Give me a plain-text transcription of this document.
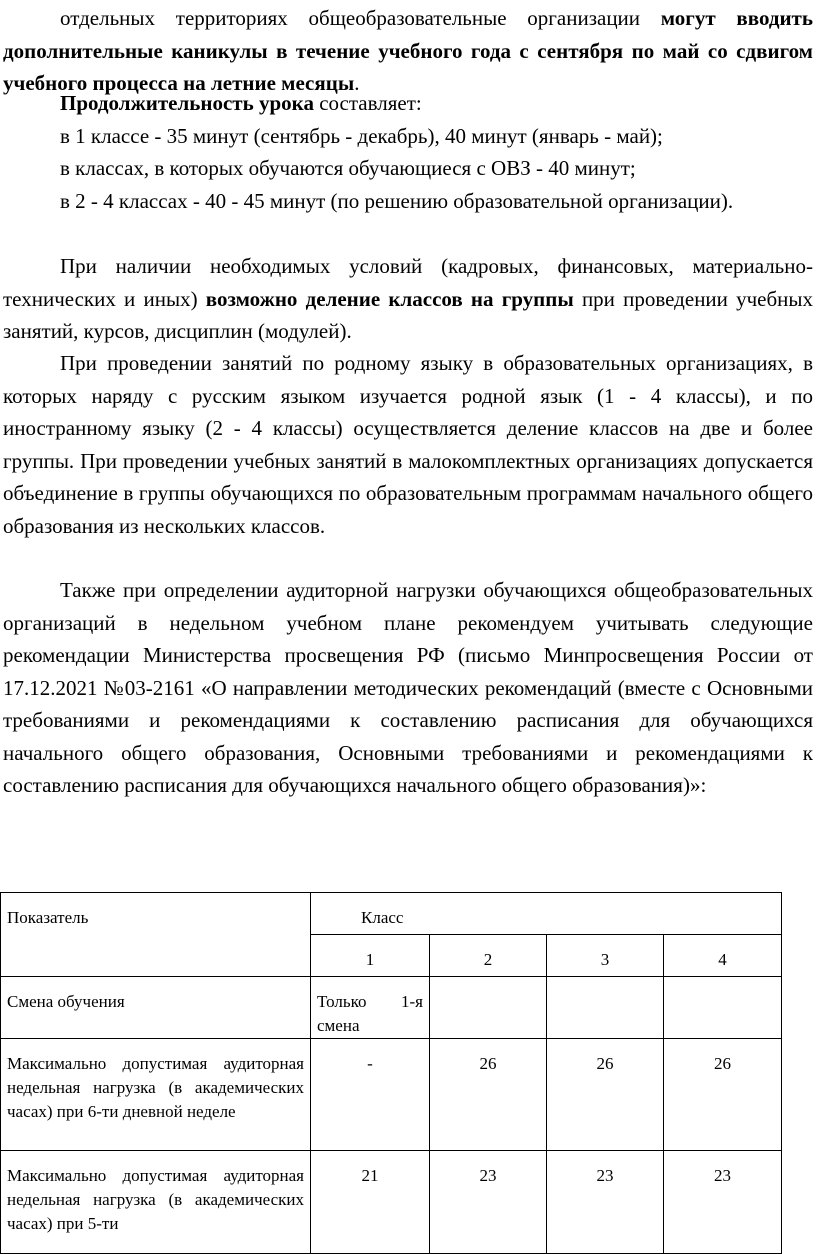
отдельных территориях общеобразовательные организации могут вводить дополнительные каникулы в течение учебного года с сентября по май со сдвигом учебного процесса на летние месяцы.

Продолжительность урока составляет:

в 1 классе - 35 минут (сентябрь - декабрь), 40 минут (январь - май);

в классах, в которых обучаются обучающиеся с ОВЗ - 40 минут;

в 2 - 4 классах - 40 - 45 минут (по решению образовательной организации).

При наличии необходимых условий (кадровых, финансовых, материально-технических и иных) возможно деление классов на группы при проведении учебных занятий, курсов, дисциплин (модулей).

При проведении занятий по родному языку в образовательных организациях, в которых наряду с русским языком изучается родной язык (1 - 4 классы), и по иностранному языку (2 - 4 классы) осуществляется деление классов на две и более группы. При проведении учебных занятий в малокомплектных организациях допускается объединение в группы обучающихся по образовательным программам начального общего образования из нескольких классов.

Также при определении аудиторной нагрузки обучающихся общеобразовательных организаций в недельном учебном плане рекомендуем учитывать следующие рекомендации Министерства просвещения РФ (письмо Минпросвещения России от 17.12.2021 №03-2161 «О направлении методических рекомендаций (вместе с Основными требованиями и рекомендациями к составлению расписания для обучающихся начального общего образования, Основными требованиями и рекомендациями к составлению расписания для обучающихся начального общего образования)»:

Показатель	Класс			
	1	2	3	4
Смена обучения	Только 1-я смена			
Максимально допустимая аудиторная недельная нагрузка (в академических часах) при 6-ти дневной неделе	-	26	26	26
Максимально допустимая аудиторная недельная нагрузка (в академических часах) при 5-ти	21	23	23	23
